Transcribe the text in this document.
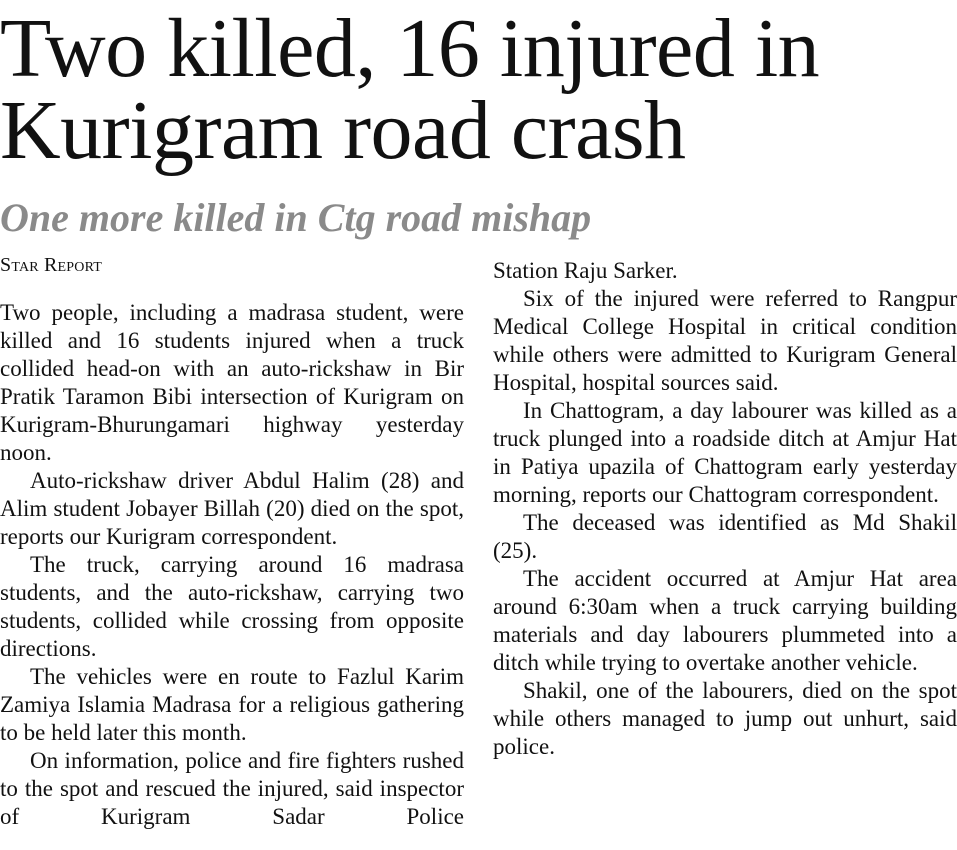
Two killed, 16 injured in
Kurigram road crash
One more killed in Ctg road mishap
Star Report

Two people, including a madrasa student, were killed and 16 students injured when a truck collided head-on with an auto-rickshaw in Bir Pratik Taramon Bibi intersection of Kurigram on Kurigram-Bhurungamari highway yesterday noon.

Auto-rickshaw driver Abdul Halim (28) and Alim student Jobayer Billah (20) died on the spot, reports our Kurigram correspondent.

The truck, carrying around 16 madrasa students, and the auto-rickshaw, carrying two students, collided while crossing from opposite directions.

The vehicles were en route to Fazlul Karim Zamiya Islamia Madrasa for a religious gathering to be held later this month.

On information, police and fire fighters rushed to the spot and rescued the injured, said inspector of Kurigram Sadar Police

Station Raju Sarker.

Six of the injured were referred to Rangpur Medical College Hospital in critical condition while others were admitted to Kurigram General Hospital, hospital sources said.

In Chattogram, a day labourer was killed as a truck plunged into a roadside ditch at Amjur Hat in Patiya upazila of Chattogram early yesterday morning, reports our Chattogram correspondent.

The deceased was identified as Md Shakil (25).

The accident occurred at Amjur Hat area around 6:30am when a truck carrying building materials and day labourers plummeted into a ditch while trying to overtake another vehicle.

Shakil, one of the labourers, died on the spot while others managed to jump out unhurt, said police.
